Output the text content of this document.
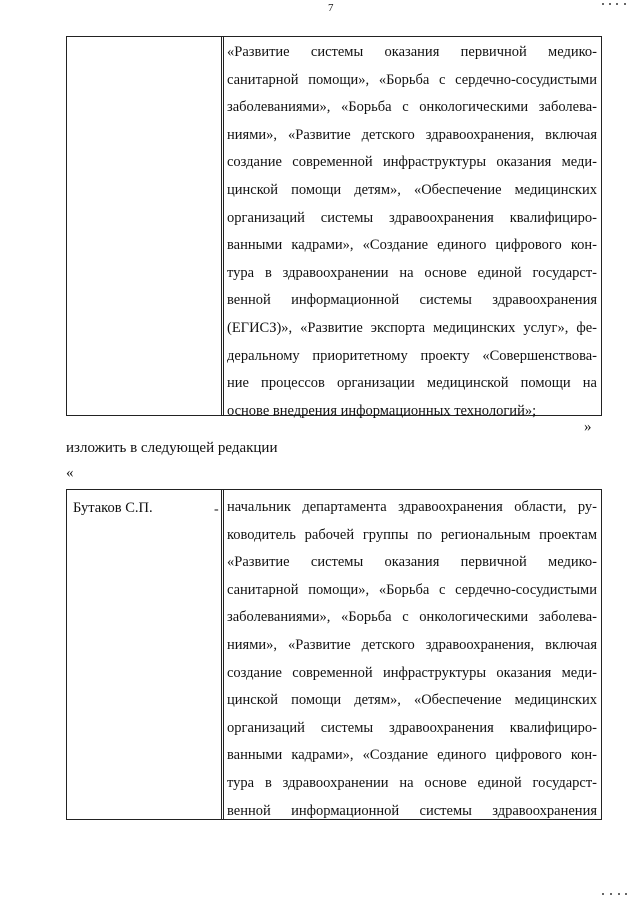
7
«Развитие системы оказания первичной медико-
санитарной помощи», «Борьба с сердечно-сосудистыми
заболеваниями», «Борьба с онкологическими заболева-
ниями», «Развитие детского здравоохранения, включая
создание современной инфраструктуры оказания меди-
цинской помощи детям», «Обеспечение медицинских
организаций системы здравоохранения квалифициро-
ванными кадрами», «Создание единого цифрового кон-
тура в здравоохранении на основе единой государст-
венной информационной системы здравоохранения
(ЕГИСЗ)», «Развитие экспорта медицинских услуг», фе-
деральному приоритетному проекту «Совершенствова-
ние процессов организации медицинской помощи на
основе внедрения информационных технологий»;
»
изложить в следующей редакции
«
Бутаков С.П.	- начальник департамента здравоохранения области, ру-
ководитель рабочей группы по региональным проектам
«Развитие системы оказания первичной медико-
санитарной помощи», «Борьба с сердечно-сосудистыми
заболеваниями», «Борьба с онкологическими заболева-
ниями», «Развитие детского здравоохранения, включая
создание современной инфраструктуры оказания меди-
цинской помощи детям», «Обеспечение медицинских
организаций системы здравоохранения квалифициро-
ванными кадрами», «Создание единого цифрового кон-
тура в здравоохранении на основе единой государст-
венной информационной системы здравоохранения
